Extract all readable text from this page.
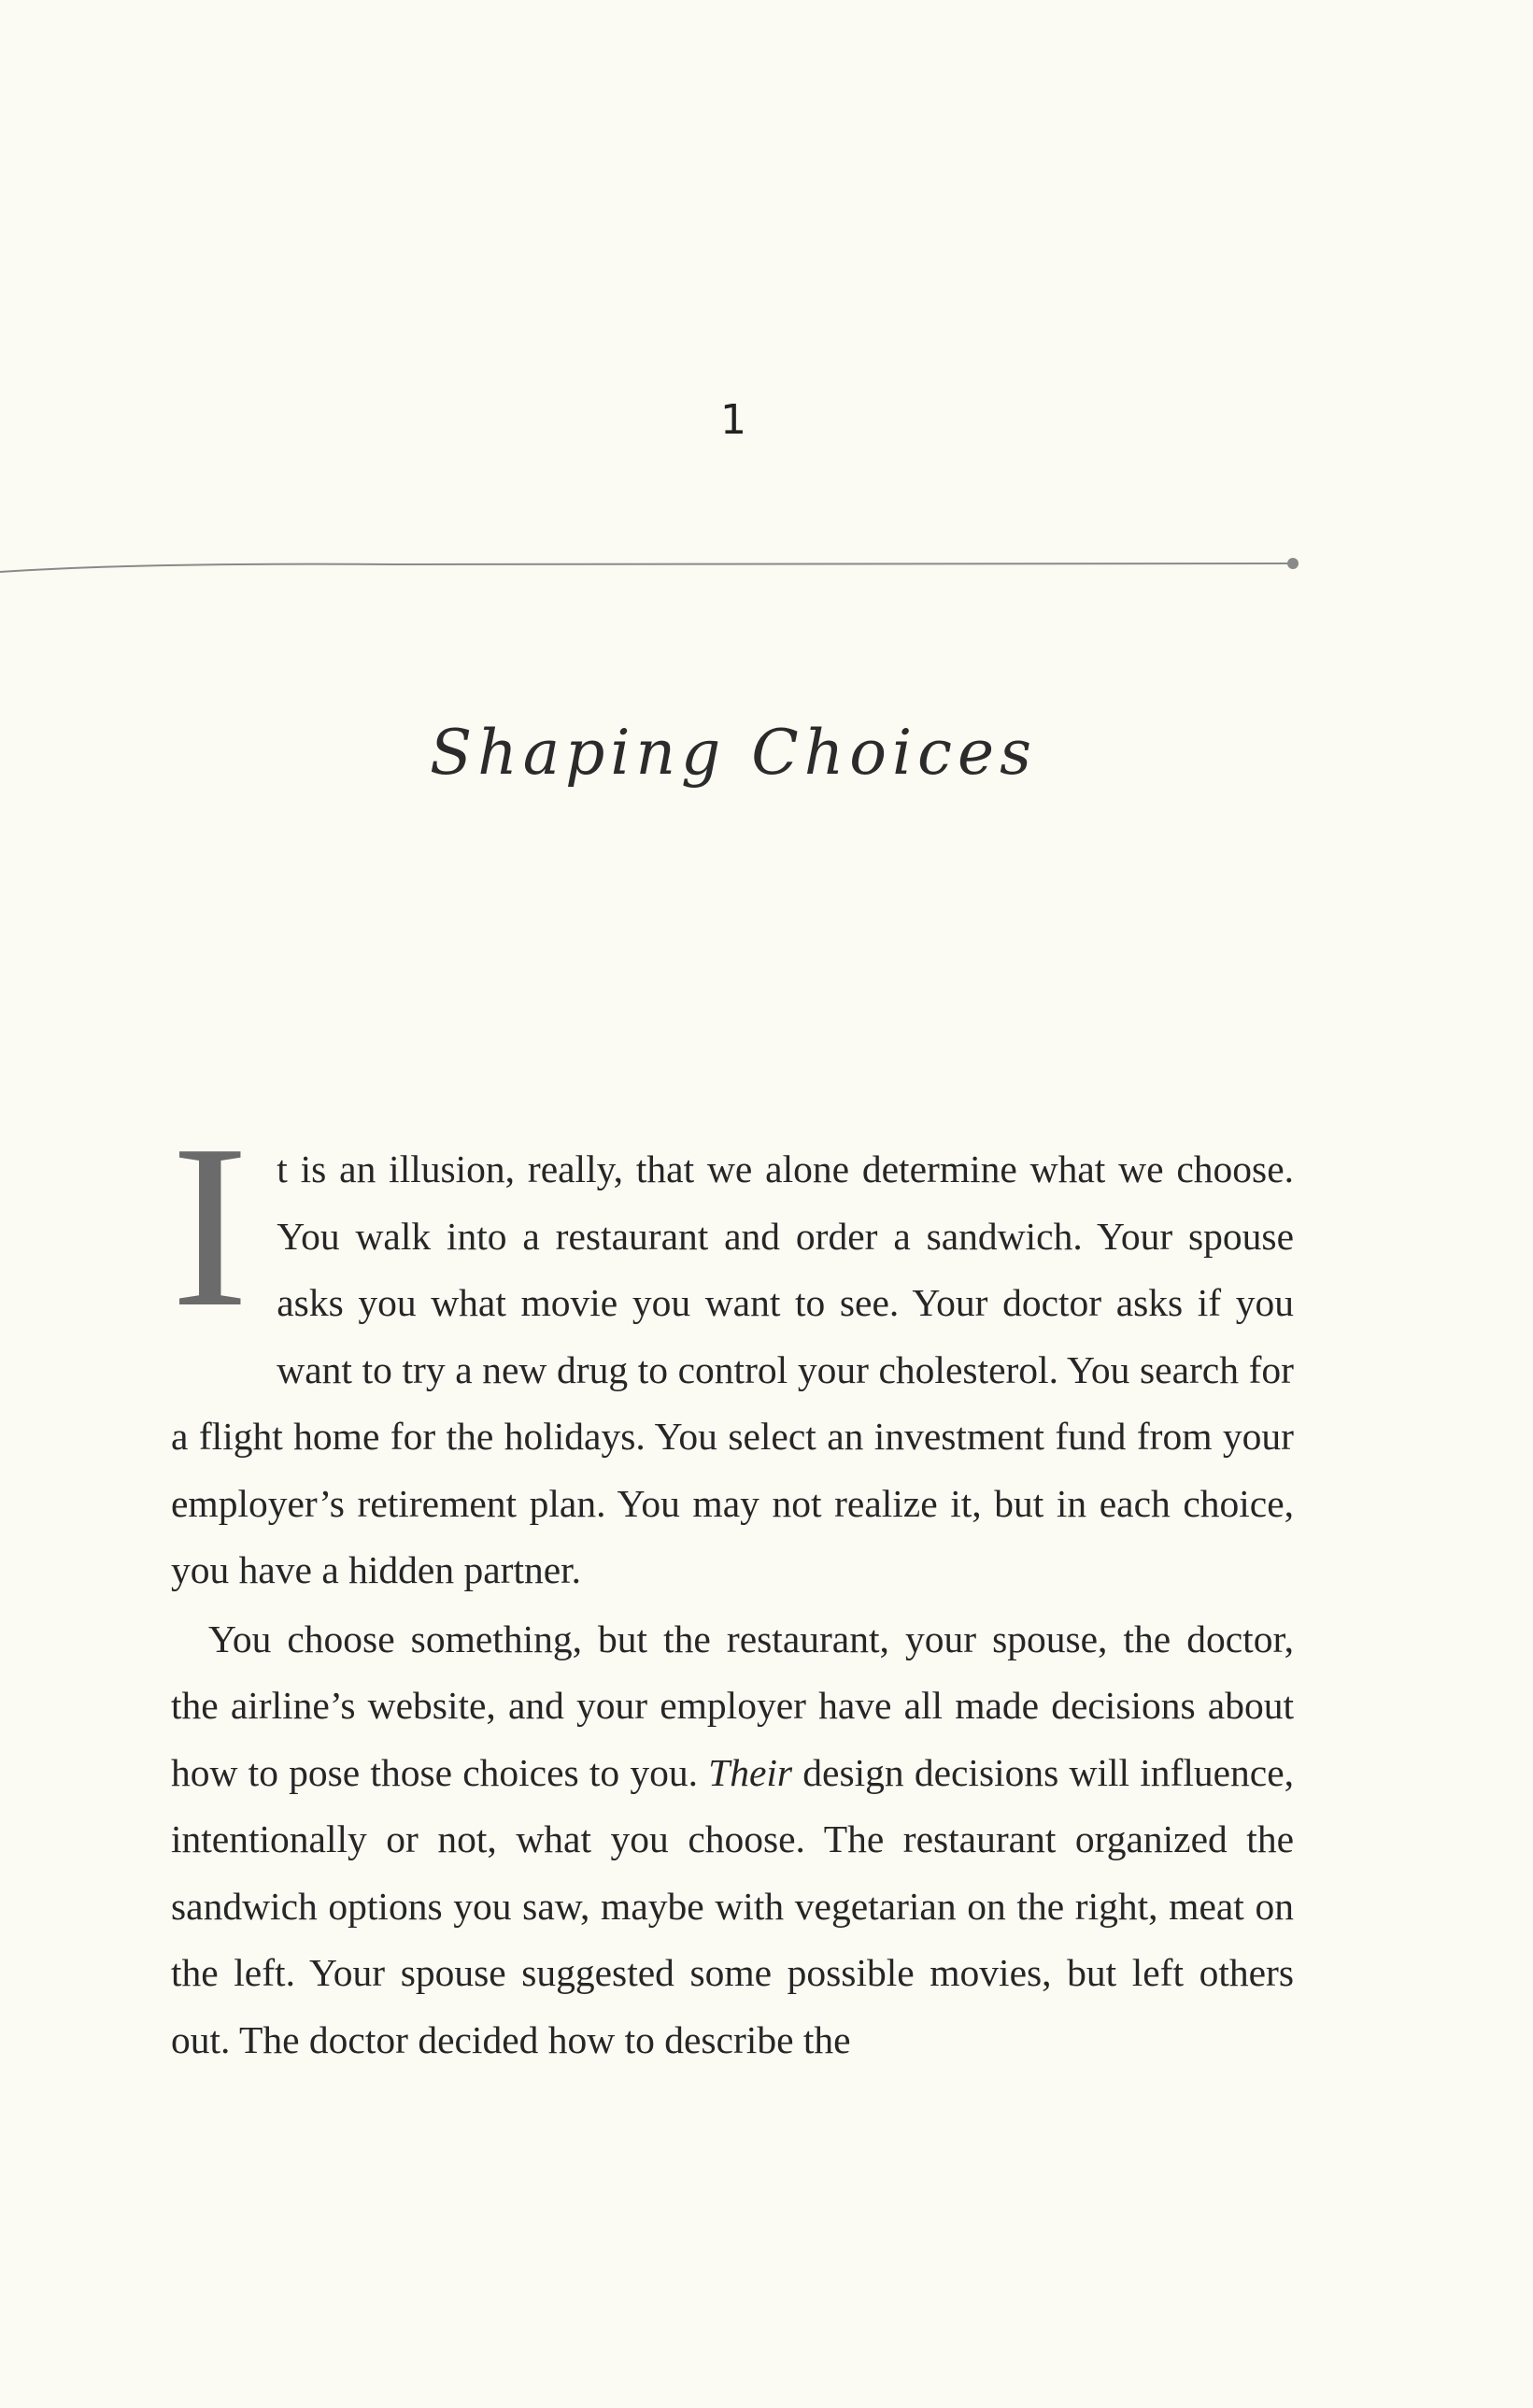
1
Shaping Choices

It is an illusion, really, that we alone determine what we choose. You walk into a restaurant and order a sandwich. Your spouse asks you what movie you want to see. Your doctor asks if you want to try a new drug to control your cholesterol. You search for a flight home for the holidays. You select an investment fund from your employer’s retirement plan. You may not realize it, but in each choice, you have a hidden partner.

You choose something, but the restaurant, your spouse, the doctor, the airline’s website, and your employer have all made decisions about how to pose those choices to you. Their design decisions will influence, intentionally or not, what you choose. The restaurant organized the sandwich options you saw, maybe with vegetarian on the right, meat on the left. Your spouse suggested some possible movies, but left others out. The doctor decided how to describe the
